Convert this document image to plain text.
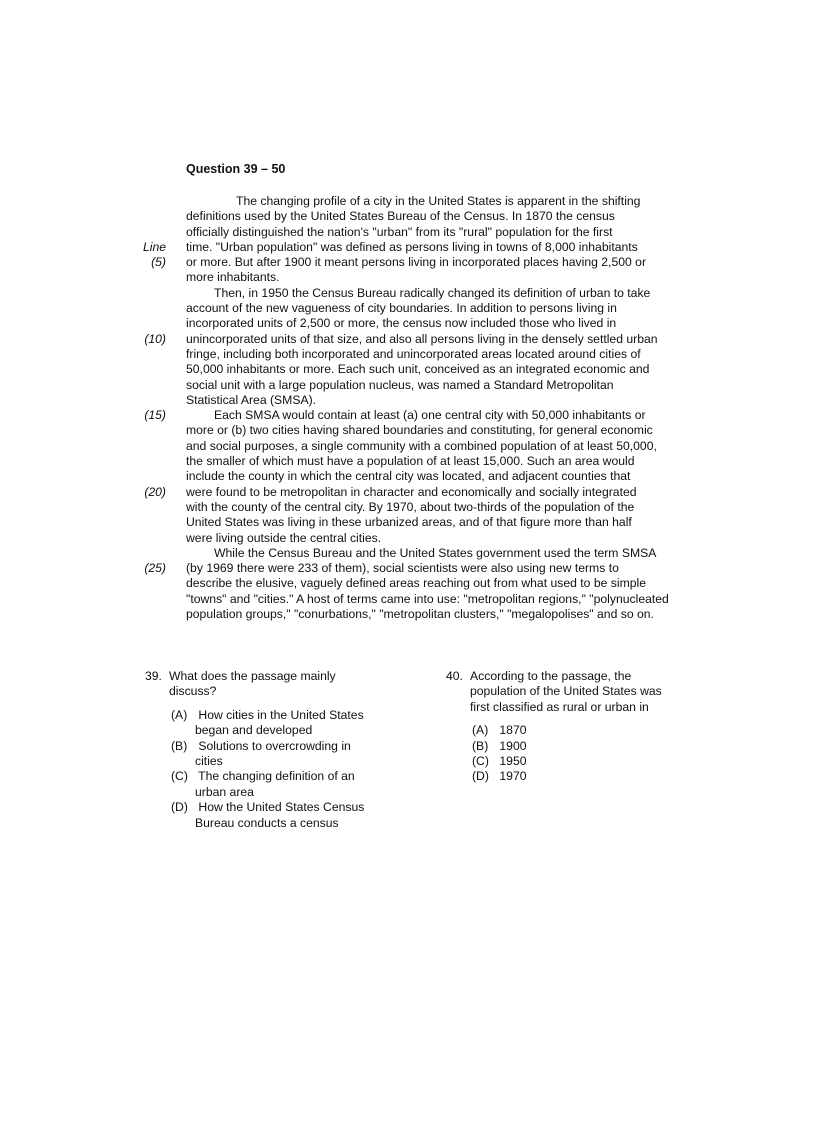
Question 39 – 50
The changing profile of a city in the United States is apparent in the shifting
definitions used by the United States Bureau of the Census. In 1870 the census
officially distinguished the nation's "urban" from its "rural" population for the first
Line time. "Urban population" was defined as persons living in towns of 8,000 inhabitants
(5) or more. But after 1900 it meant persons living in incorporated places having 2,500 or
more inhabitants.
Then, in 1950 the Census Bureau radically changed its definition of urban to take
account of the new vagueness of city boundaries. In addition to persons living in
incorporated units of 2,500 or more, the census now included those who lived in
(10) unincorporated units of that size, and also all persons living in the densely settled urban
fringe, including both incorporated and unincorporated areas located around cities of
50,000 inhabitants or more. Each such unit, conceived as an integrated economic and
social unit with a large population nucleus, was named a Standard Metropolitan
Statistical Area (SMSA).
(15)	Each SMSA would contain at least (a) one central city with 50,000 inhabitants or
more or (b) two cities having shared boundaries and constituting, for general economic
and social purposes, a single community with a combined population of at least 50,000,
the smaller of which must have a population of at least 15,000. Such an area would
include the county in which the central city was located, and adjacent counties that
(20) were found to be metropolitan in character and economically and socially integrated
with the county of the central city. By 1970, about two-thirds of the population of the
United States was living in these urbanized areas, and of that figure more than half
were living outside the central cities.
While the Census Bureau and the United States government used the term SMSA
(25) (by 1969 there were 233 of them), social scientists were also using new terms to
describe the elusive, vaguely defined areas reaching out from what used to be simple
"towns" and "cities." A host of terms came into use: "metropolitan regions," "polynucleated
population groups," "conurbations," "metropolitan clusters," "megalopolises" and so on.
39. What does the passage mainly
discuss?
(A) How cities in the United States
began and developed
(B) Solutions to overcrowding in
cities
(C) The changing definition of an
urban area
(D) How the United States Census
Bureau conducts a census
40. According to the passage, the
population of the United States was
first classified as rural or urban in
(A) 1870
(B) 1900
(C) 1950
(D) 1970
